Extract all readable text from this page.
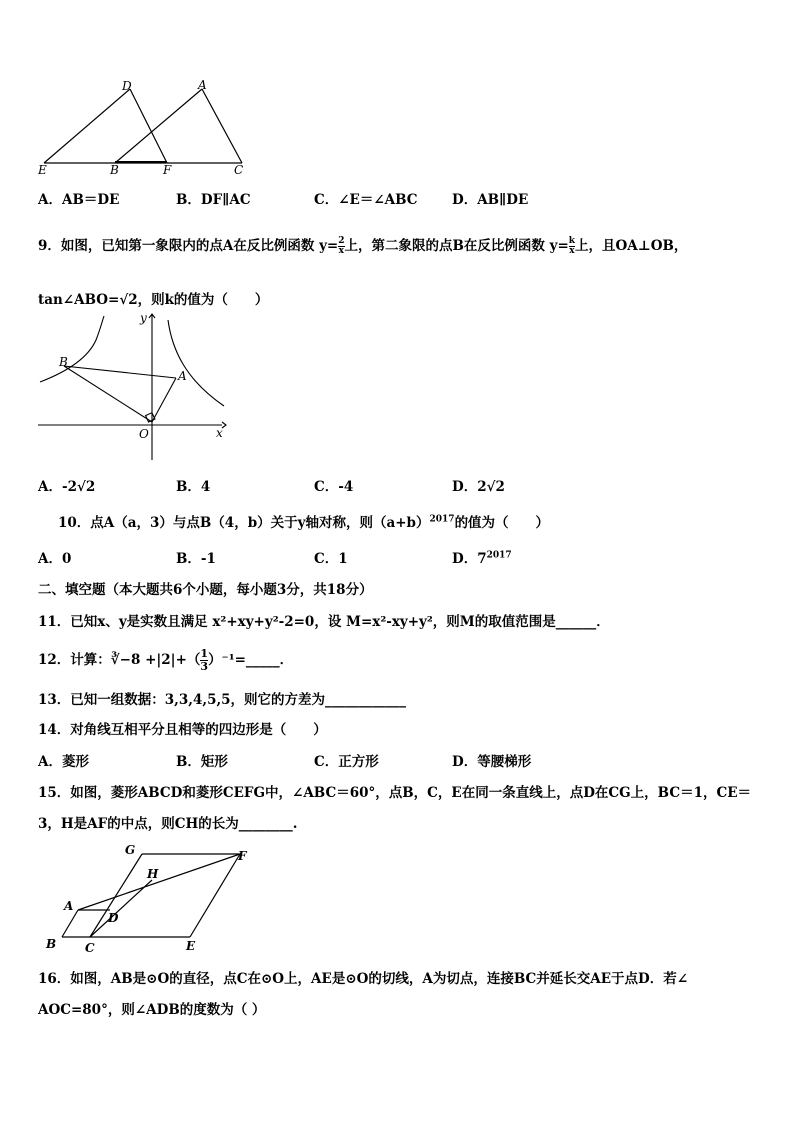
D	A
E	B	F	C
A．AB＝DE	B．DF∥AC	C．∠E＝∠ABC	D．AB∥DE
9．如图，已知第一象限内的点A在反比例函数 $y= \frac{2}{x}$ 上，第二象限的点B在反比例函数 $y= \frac{k}{x}$ 上，且OA⊥OB，
tan∠ABO=√2，则k的值为（　　）
y
x
O
A
B
A．-2√2	B．4	C．-4	D．2√2
10．点A（a，3）与点B（4，b）关于y轴对称，则$(a+b)^{2017}$的值为（　　）
A．0	B．-1	C．1	D．$7^{2017}$
二、填空题（本大题共6个小题，每小题3分，共18分）
11．已知x、y是实数且满足 x²+xy+y²-2=0，设 M=x²-xy+y²，则M的取值范围是______．
12．计算：∛−8 $+|2|+( \frac{1}{3}$ ）⁻¹=_____．
13．已知一组数据：3,3,4,5,5，则它的方差为____________
14．对角线互相平分且相等的四边形是（　　）
A．菱形	B．矩形	C．正方形	D．等腰梯形
15．如图，菱形ABCD和菱形CEFG中，∠ABC＝60°，点B，C，E在同一条直线上，点D在CG上，BC＝1，CE＝
3，H是AF的中点，则CH的长为________.
G	F
H
A
D
B C	E
16．如图，AB是⊙O的直径，点C在⊙O上，AE是⊙O的切线，A为切点，连接BC并延长交AE于点D．若∠
AOC=80°，则∠ADB的度数为（ ）
